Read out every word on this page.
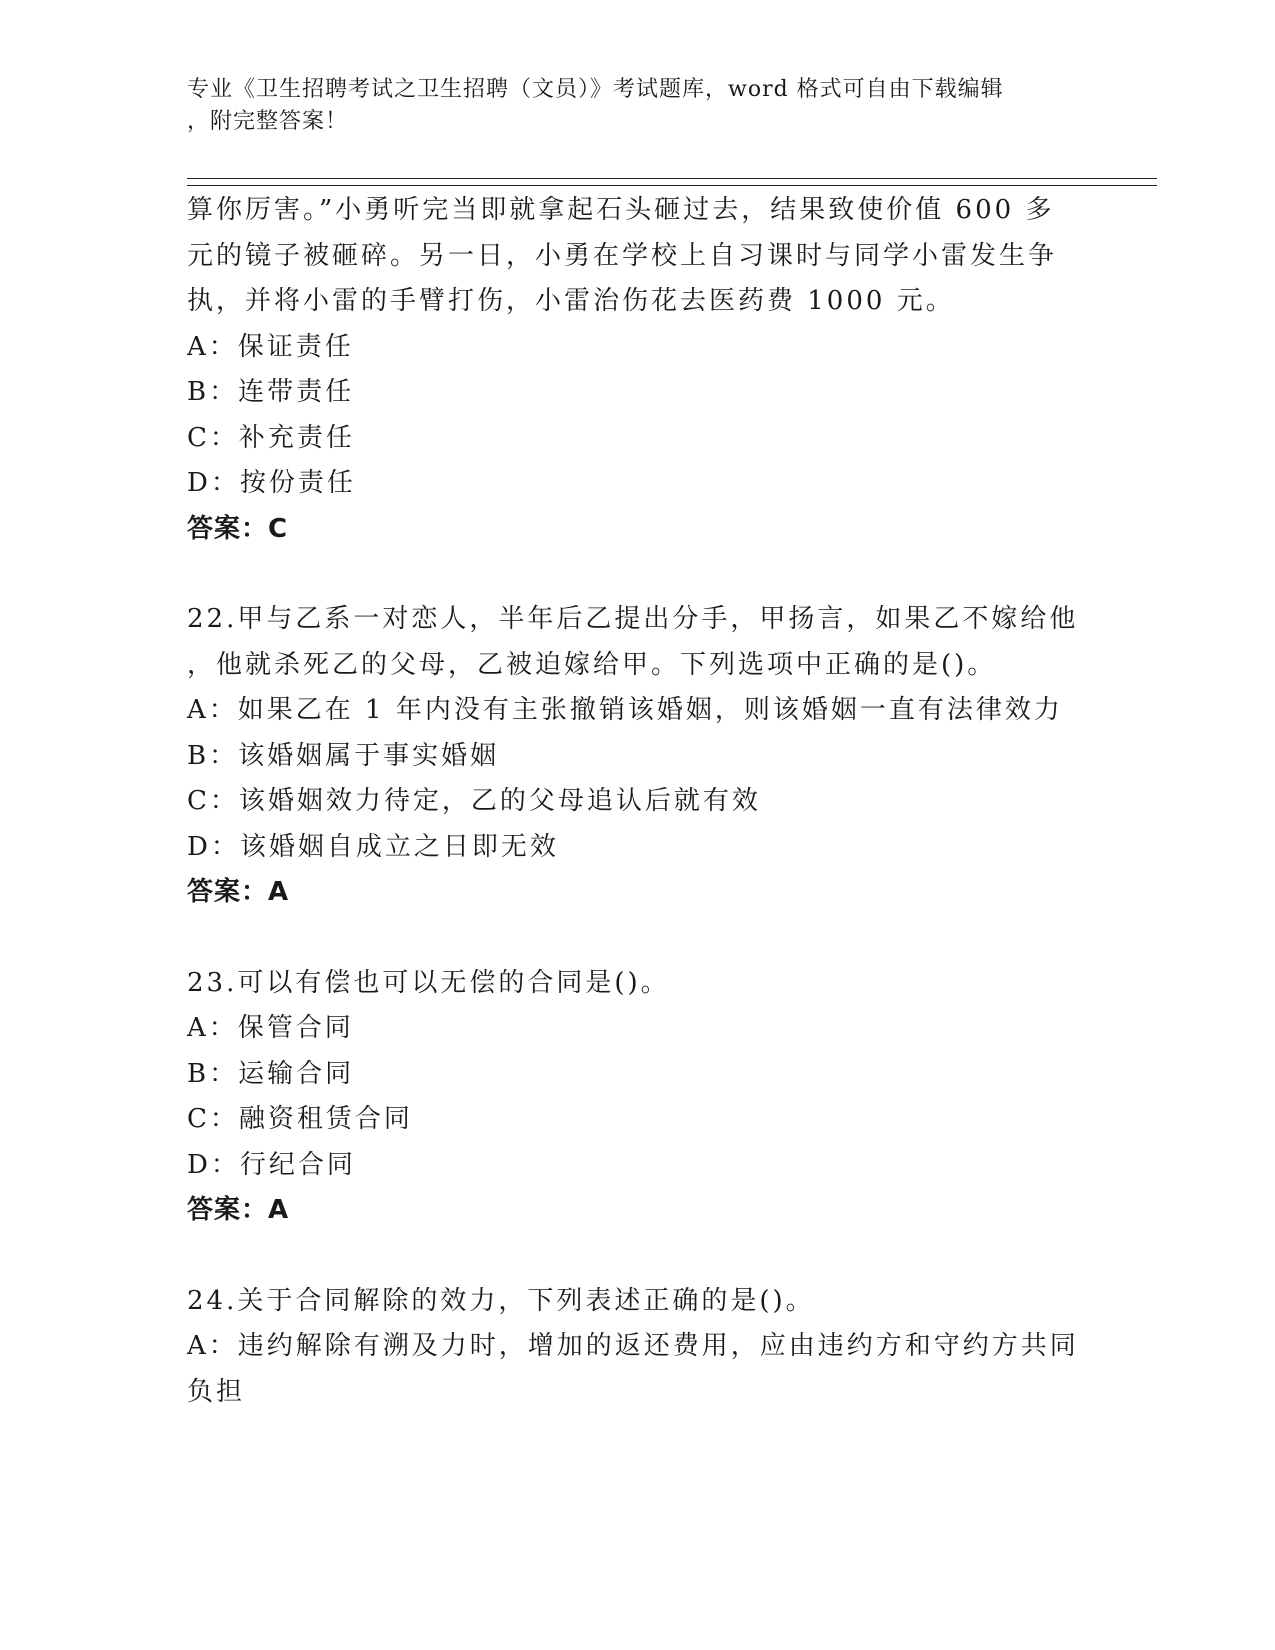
专业《卫生招聘考试之卫生招聘（文员）》考试题库，word 格式可自由下载编辑
，附完整答案！
算你厉害。”小勇听完当即就拿起石头砸过去，结果致使价值 600 多
元的镜子被砸碎。另一日，小勇在学校上自习课时与同学小雷发生争
执，并将小雷的手臂打伤，小雷治伤花去医药费 1000 元。
A：保证责任
B：连带责任
C：补充责任
D：按份责任
答案：C
22.甲与乙系一对恋人，半年后乙提出分手，甲扬言，如果乙不嫁给他
，他就杀死乙的父母，乙被迫嫁给甲。下列选项中正确的是()。
A：如果乙在 1 年内没有主张撤销该婚姻，则该婚姻一直有法律效力
B：该婚姻属于事实婚姻
C：该婚姻效力待定，乙的父母追认后就有效
D：该婚姻自成立之日即无效
答案：A
23.可以有偿也可以无偿的合同是()。
A：保管合同
B：运输合同
C：融资租赁合同
D：行纪合同
答案：A
24.关于合同解除的效力，下列表述正确的是()。
A：违约解除有溯及力时，增加的返还费用，应由违约方和守约方共同
负担
